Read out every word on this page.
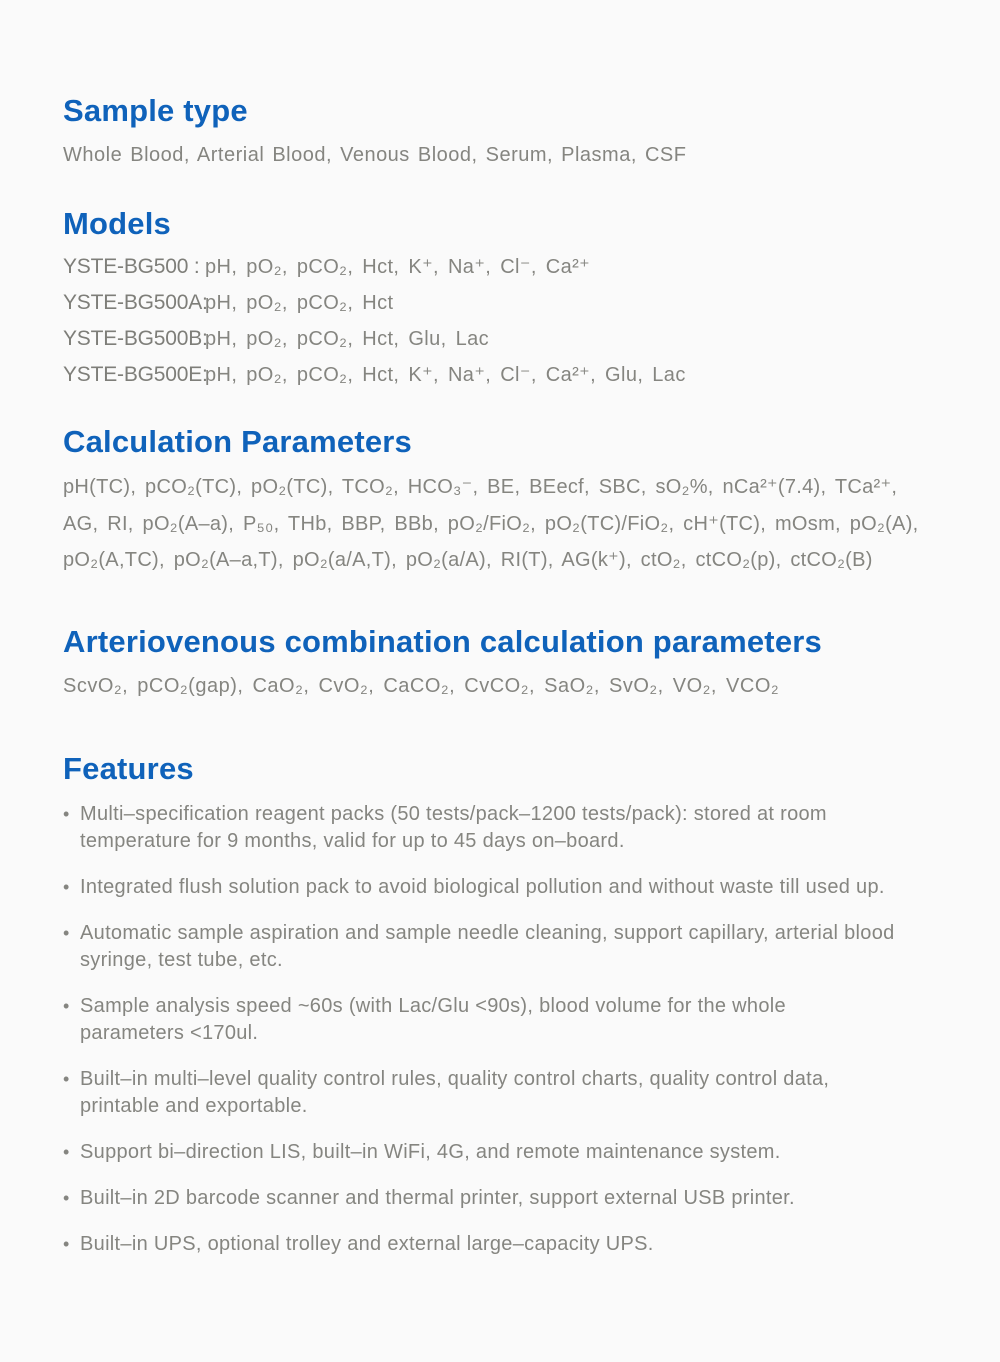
Sample type
Whole Blood, Arterial Blood, Venous Blood, Serum, Plasma, CSF
Models
YSTE-BG500 :pH, pO₂, pCO₂, Hct, K⁺, Na⁺, Cl⁻, Ca²⁺
YSTE-BG500A:pH, pO₂, pCO₂, Hct
YSTE-BG500B:pH, pO₂, pCO₂, Hct, Glu, Lac
YSTE-BG500E:pH, pO₂, pCO₂, Hct, K⁺, Na⁺, Cl⁻, Ca²⁺, Glu, Lac
Calculation Parameters
pH(TC), pCO₂(TC), pO₂(TC), TCO₂, HCO₃⁻, BE, BEecf, SBC, sO₂%, nCa²⁺(7.4), TCa²⁺,
AG, RI, pO₂(A–a), P₅₀, THb, BBP, BBb, pO₂/FiO₂, pO₂(TC)/FiO₂, cH⁺(TC), mOsm, pO₂(A),
pO₂(A,TC), pO₂(A–a,T), pO₂(a/A,T), pO₂(a/A), RI(T), AG(k⁺), ctO₂, ctCO₂(p), ctCO₂(B)
Arteriovenous combination calculation parameters
ScvO₂, pCO₂(gap), CaO₂, CvO₂, CaCO₂, CvCO₂, SaO₂, SvO₂, VO₂, VCO₂
Features
• Multi–specification reagent packs (50 tests/pack–1200 tests/pack): stored at room
temperature for 9 months, valid for up to 45 days on–board.
• Integrated flush solution pack to avoid biological pollution and without waste till used up.
• Automatic sample aspiration and sample needle cleaning, support capillary, arterial blood
syringe, test tube, etc.
• Sample analysis speed ~60s (with Lac/Glu <90s), blood volume for the whole
parameters <170ul.
• Built–in multi–level quality control rules, quality control charts, quality control data,
printable and exportable.
• Support bi–direction LIS, built–in WiFi, 4G, and remote maintenance system.
• Built–in 2D barcode scanner and thermal printer, support external USB printer.
• Built–in UPS, optional trolley and external large–capacity UPS.
